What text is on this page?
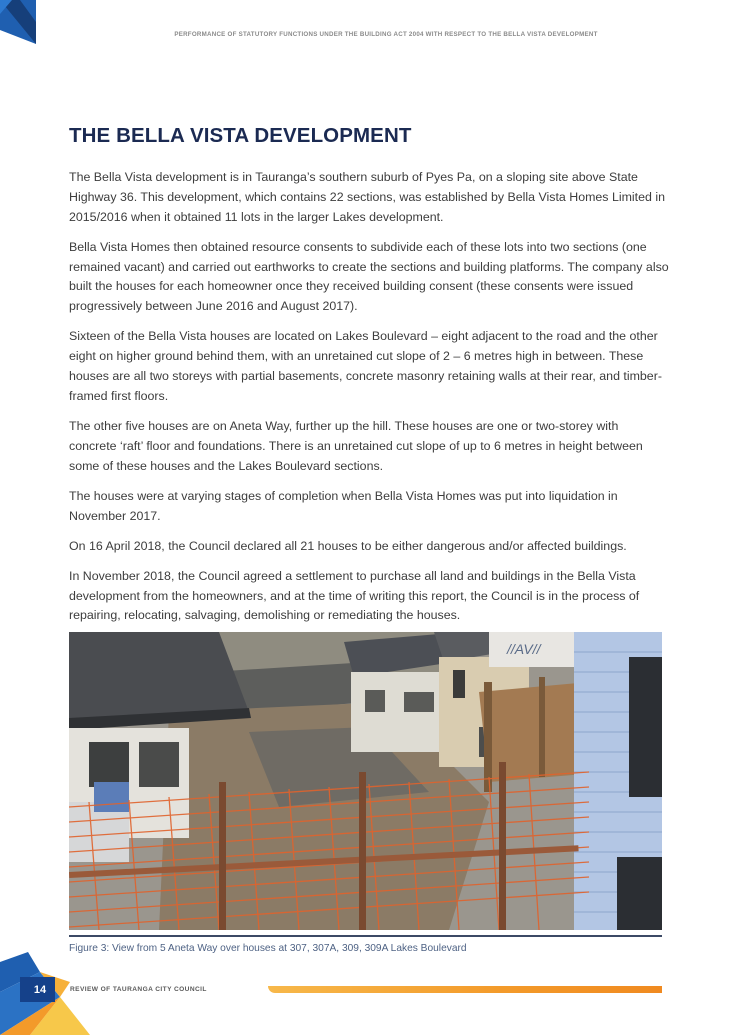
PERFORMANCE OF STATUTORY FUNCTIONS UNDER THE BUILDING ACT 2004 WITH RESPECT TO THE BELLA VISTA DEVELOPMENT
THE BELLA VISTA DEVELOPMENT

The Bella Vista development is in Tauranga’s southern suburb of Pyes Pa, on a sloping site above State Highway 36. This development, which contains 22 sections, was established by Bella Vista Homes Limited in 2015/2016 when it obtained 11 lots in the larger Lakes development.

Bella Vista Homes then obtained resource consents to subdivide each of these lots into two sections (one remained vacant) and carried out earthworks to create the sections and building platforms. The company also built the houses for each homeowner once they received building consent (these consents were issued progressively between June 2016 and August 2017).

Sixteen of the Bella Vista houses are located on Lakes Boulevard – eight adjacent to the road and the other eight on higher ground behind them, with an unretained cut slope of 2 – 6 metres high in between. These houses are all two storeys with partial basements, concrete masonry retaining walls at their rear, and timber-framed first floors.

The other five houses are on Aneta Way, further up the hill. These houses are one or two-storey with concrete ‘raft’ floor and foundations. There is an unretained cut slope of up to 6 metres in height between some of these houses and the Lakes Boulevard sections.

The houses were at varying stages of completion when Bella Vista Homes was put into liquidation in November 2017.

On 16 April 2018, the Council declared all 21 houses to be either dangerous and/or affected buildings.

In November 2018, the Council agreed a settlement to purchase all land and buildings in the Bella Vista development from the homeowners, and at the time of writing this report, the Council is in the process of repairing, relocating, salvaging, demolishing or remediating the houses.

//AV//
Figure 3: View from 5 Aneta Way over houses at 307, 307A, 309, 309A Lakes Boulevard
14	REVIEW OF TAURANGA CITY COUNCIL
